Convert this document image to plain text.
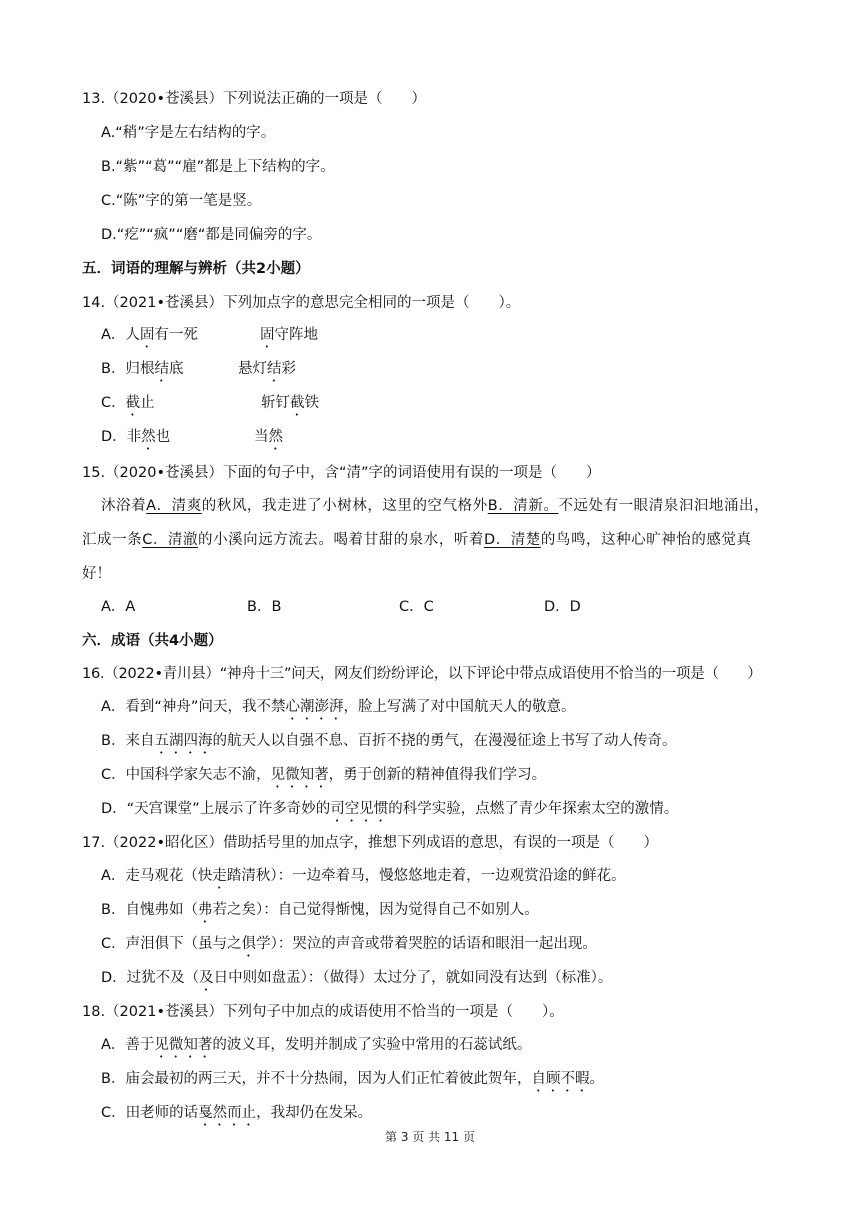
13.（2020•苍溪县）下列说法正确的一项是（　　）
A.“稍”字是左右结构的字。
B.“紫”“葛”“雇”都是上下结构的字。
C.“陈”字的第一笔是竖。
D.“疙”“疯”“磨“都是同偏旁的字。
五．词语的理解与辨析（共2小题）
14.（2021•苍溪县）下列加点字的意思完全相同的一项是（　　）。
A．人固有一死	固守阵地
B．归根结底	悬灯结彩
C．截止	斩钉截铁
D．非然也	当然
15.（2020•苍溪县）下面的句子中，含“清”字的词语使用有误的一项是（　　）
沐浴着A．清爽的秋风，我走进了小树林，这里的空气格外B．清新。不远处有一眼清泉汩汩地涌出，
汇成一条C．清澈的小溪向远方流去。喝着甘甜的泉水，听着D．清楚的鸟鸣，这种心旷神怡的感觉真
好！
A．A	B．B	C．C	D．D
六．成语（共4小题）
16.（2022•青川县）“神舟十三”问天，网友们纷纷评论，以下评论中带点成语使用不恰当的一项是（　　）
A．看到“神舟”问天，我不禁心潮澎湃，脸上写满了对中国航天人的敬意。
B．来自五湖四海的航天人以自强不息、百折不挠的勇气，在漫漫征途上书写了动人传奇。
C．中国科学家矢志不渝，见微知著，勇于创新的精神值得我们学习。
D．“天宫课堂”上展示了许多奇妙的司空见惯的科学实验，点燃了青少年探索太空的激情。
17.（2022•昭化区）借助括号里的加点字，推想下列成语的意思，有误的一项是（　　）
A．走马观花（快走踏清秋）：一边牵着马，慢悠悠地走着，一边观赏沿途的鲜花。
B．自愧弗如（弗若之矣）：自己觉得惭愧，因为觉得自己不如别人。
C．声泪俱下（虽与之俱学）：哭泣的声音或带着哭腔的话语和眼泪一起出现。
D．过犹不及（及日中则如盘盂）：（做得）太过分了，就如同没有达到（标准）。
18.（2021•苍溪县）下列句子中加点的成语使用不恰当的一项是（　　）。
A．善于见微知著的波义耳，发明并制成了实验中常用的石蕊试纸。
B．庙会最初的两三天，并不十分热闹，因为人们正忙着彼此贺年，自顾不暇。
C．田老师的话戛然而止，我却仍在发呆。
第 3 页 共 11 页
